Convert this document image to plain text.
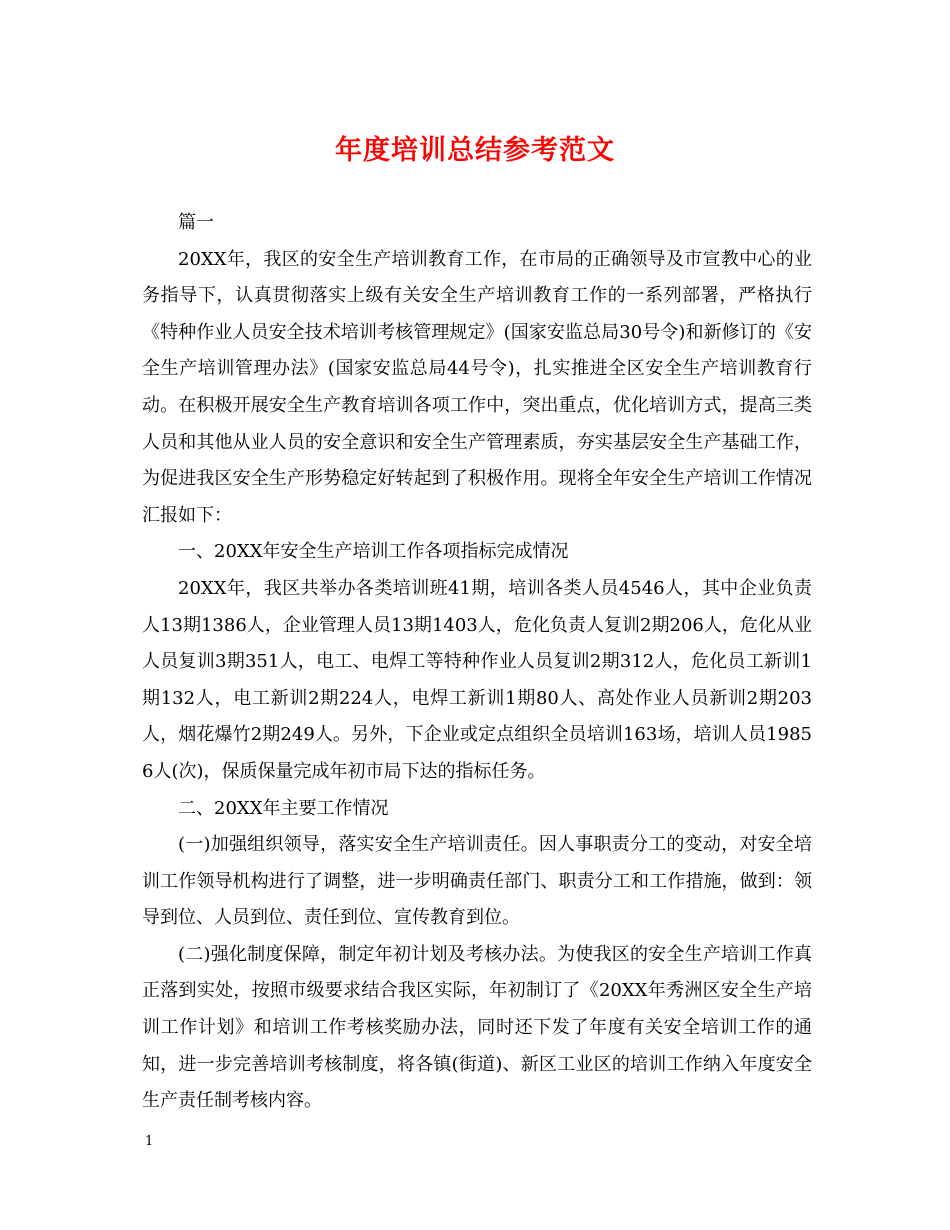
年度培训总结参考范文

篇一

20XX年，我区的安全生产培训教育工作，在市局的正确领导及市宣教中心的业务指导下，认真贯彻落实上级有关安全生产培训教育工作的一系列部署，严格执行《特种作业人员安全技术培训考核管理规定》(国家安监总局30号令)和新修订的《安全生产培训管理办法》(国家安监总局44号令)，扎实推进全区安全生产培训教育行动。在积极开展安全生产教育培训各项工作中，突出重点，优化培训方式，提高三类人员和其他从业人员的安全意识和安全生产管理素质，夯实基层安全生产基础工作，为促进我区安全生产形势稳定好转起到了积极作用。现将全年安全生产培训工作情况汇报如下：

一、20XX年安全生产培训工作各项指标完成情况

20XX年，我区共举办各类培训班41期，培训各类人员4546人，其中企业负责人13期1386人，企业管理人员13期1403人，危化负责人复训2期206人，危化从业人员复训3期351人，电工、电焊工等特种作业人员复训2期312人，危化员工新训1期132人，电工新训2期224人，电焊工新训1期80人、高处作业人员新训2期203人，烟花爆竹2期249人。另外，下企业或定点组织全员培训163场，培训人员19856人(次)，保质保量完成年初市局下达的指标任务。

二、20XX年主要工作情况

(一)加强组织领导，落实安全生产培训责任。因人事职责分工的变动，对安全培训工作领导机构进行了调整，进一步明确责任部门、职责分工和工作措施，做到：领导到位、人员到位、责任到位、宣传教育到位。

(二)强化制度保障，制定年初计划及考核办法。为使我区的安全生产培训工作真正落到实处，按照市级要求结合我区实际，年初制订了《20XX年秀洲区安全生产培训工作计划》和培训工作考核奖励办法，同时还下发了年度有关安全培训工作的通知，进一步完善培训考核制度，将各镇(街道)、新区工业区的培训工作纳入年度安全生产责任制考核内容。

1
